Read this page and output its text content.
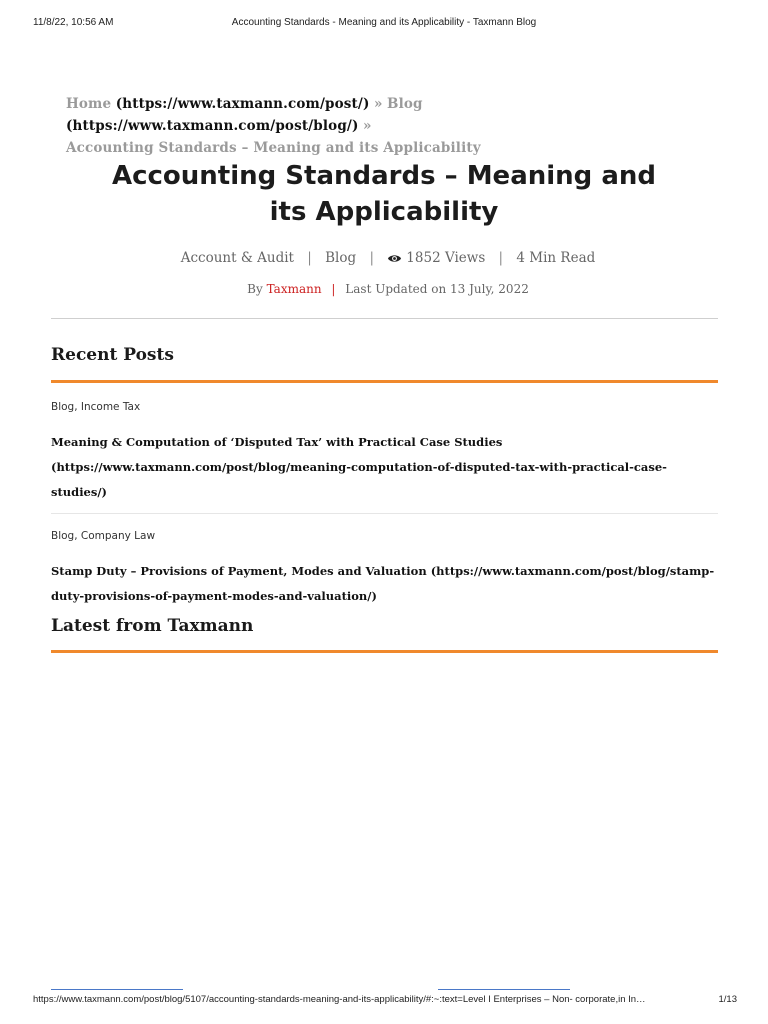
11/8/22, 10:56 AM	Accounting Standards - Meaning and its Applicability - Taxmann Blog
Home (https://www.taxmann.com/post/) » Blog (https://www.taxmann.com/post/blog/) »
Accounting Standards – Meaning and its Applicability
Accounting Standards – Meaning and its Applicability
Account & Audit | Blog | 1852 Views | 4 Min Read
By Taxmann | Last Updated on 13 July, 2022
Recent Posts
Blog, Income Tax
Meaning & Computation of ‘Disputed Tax’ with Practical Case Studies (https://www.taxmann.com/post/blog/meaning-computation-of-disputed-tax-with-practical-case-studies/)
Blog, Company Law
Stamp Duty – Provisions of Payment, Modes and Valuation (https://www.taxmann.com/post/blog/stamp-duty-provisions-of-payment-modes-and-valuation/)
Latest from Taxmann
https://www.taxmann.com/post/blog/5107/accounting-standards-meaning-and-its-applicability/#:~:text=Level I Enterprises – Non- corporate,in In…	1/13
